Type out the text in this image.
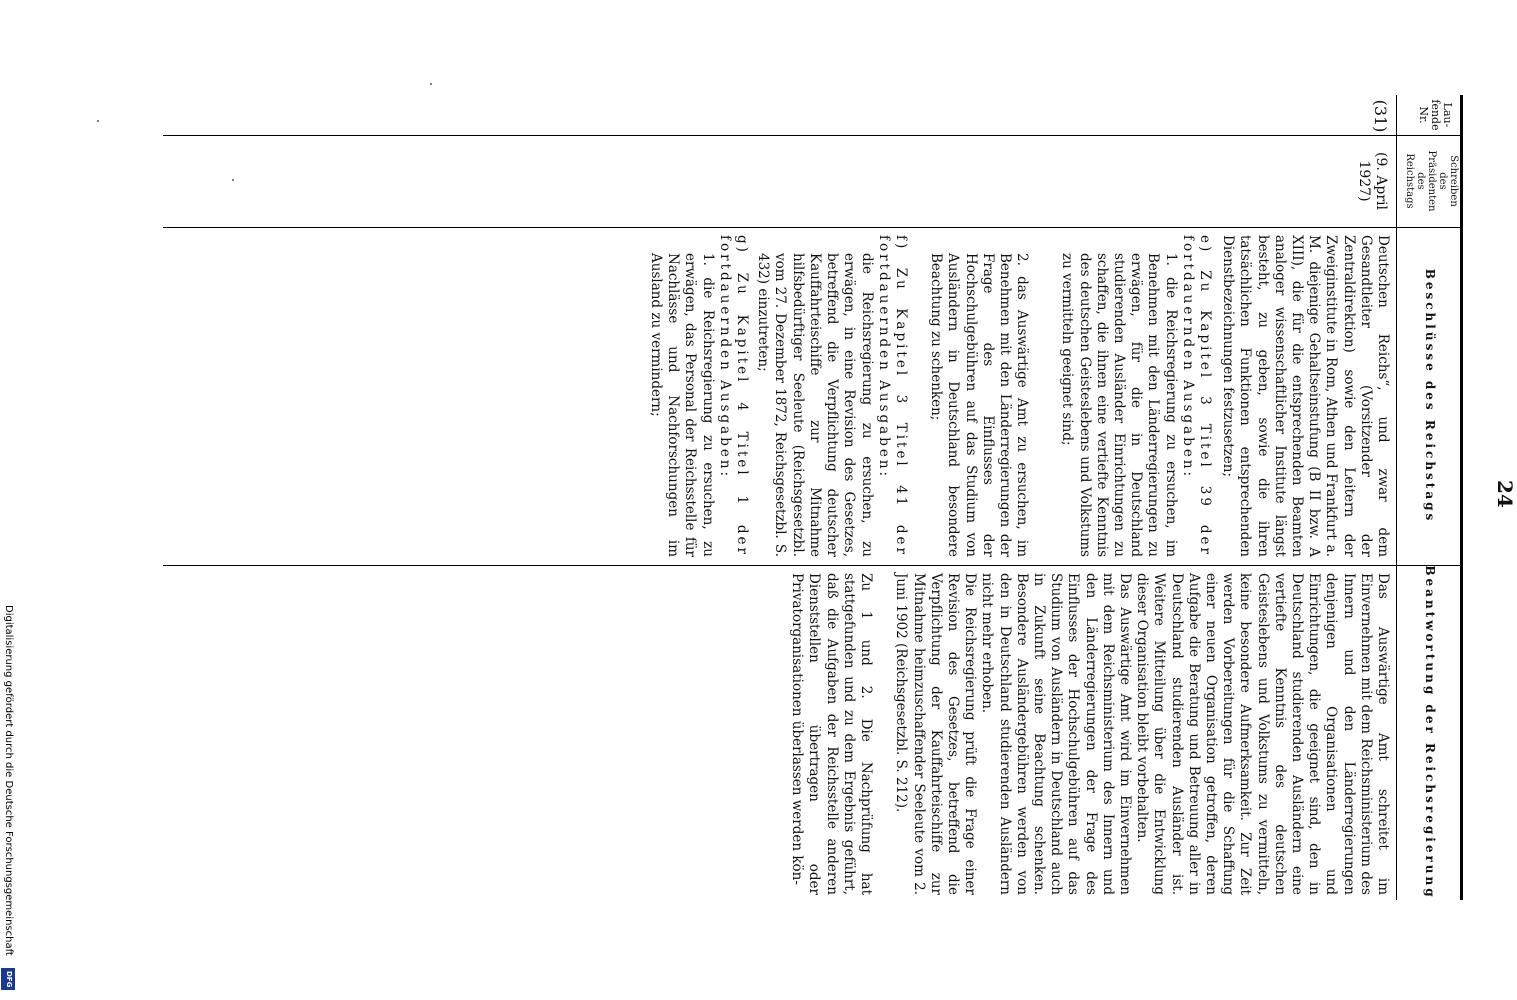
24
Lau-
fende
Nr.
Schreiben
des
Präsidenten
des
Reichstags
Beschlüsse des Reichstags
Beantwortung der Reichsregierung
(31)
(9. April
1927)
Deutschen Reichs“, und zwar dem Gesandtleiter (Vorsitzender der Zentraldirektion) sowie den Leitern der Zweiginstitute in Rom, Athen und Frankfurt a. M. diejenige Gehaltseinstufung (B II bzw. A XIII), die für die entsprechenden Beamten analoger wissenschaftlicher Institute längst besteht, zu geben, sowie die ihren tatsächlichen Funktionen entsprechenden Dienstbezeichnungen festzusetzen;
e) Zu Kapitel 3 Titel 39 der fortdauernden Ausgaben:
1. die Reichsregierung zu ersuchen, im Benehmen mit den Länderregierungen zu erwägen, für die in Deutschland studierenden Ausländer Einrichtungen zu schaffen, die ihnen eine vertiefte Kenntnis des deutschen Geisteslebens und Volkstums zu vermitteln geeignet sind;
2. das Auswärtige Amt zu ersuchen, im Benehmen mit den Länderregierungen der Frage des Einflusses der Hochschulgebühren auf das Studium von Ausländern in Deutschland besondere Beachtung zu schenken;
f) Zu Kapitel 3 Titel 41 der fortdauernden Ausgaben:
die Reichsregierung zu ersuchen, zu erwägen, in eine Revision des Gesetzes, betreffend die Verpflichtung deutscher Kauffahrteischiffe zur Mitnahme hilfsbedürftiger Seeleute (Reichsgesetzbl. vom 27. Dezember 1872, Reichsgesetzbl. S. 432) einzutreten;
g) Zu Kapitel 4 Titel 1 der fortdauernden Ausgaben:
1. die Reichsregierung zu ersuchen, zu erwägen, das Personal der Reichsstelle für Nachlässe und Nachforschungen im Ausland zu vermindern;
Das Auswärtige Amt schreitet im Einvernehmen mit dem Reichsministerium des Innern und den Länderregierungen denjenigen Organisationen und Einrichtungen, die geeignet sind, den in Deutschland studierenden Ausländern eine vertiefte Kenntnis des deutschen Geisteslebens und Volkstums zu vermitteln, keine besondere Aufmerksamkeit. Zur Zeit werden Vorbereitungen für die Schaffung einer neuen Organisation getroffen, deren Aufgabe die Beratung und Betreuung aller in Deutschland studierenden Ausländer ist. Weitere Mitteilung über die Entwicklung dieser Organisation bleibt vorbehalten.
Das Auswärtige Amt wird im Einvernehmen mit dem Reichsministerium des Innern und den Länderregierungen der Frage des Einflusses der Hochschulgebühren auf das Studium von Ausländern in Deutschland auch in Zukunft seine Beachtung schenken. Besondere Ausländergebühren werden von den in Deutschland studierenden Ausländern nicht mehr erhoben.
Die Reichsregierung prüft die Frage einer Revision des Gesetzes, betreffend die Verpflichtung der Kauffahrteischiffe zur Mitnahme heimzuschaffender Seeleute vom 2. Juni 1902 (Reichsgesetzbl. S. 212).
Zu 1 und 2. Die Nachprüfung hat stattgefunden und zu dem Ergebnis geführt, daß die Aufgaben der Reichsstelle anderen Dienststellen übertragen oder Privatorganisationen überlassen werden kön-
Digitalisierung gefördert durch die Deutsche Forschungsgemeinschaft
DFG
